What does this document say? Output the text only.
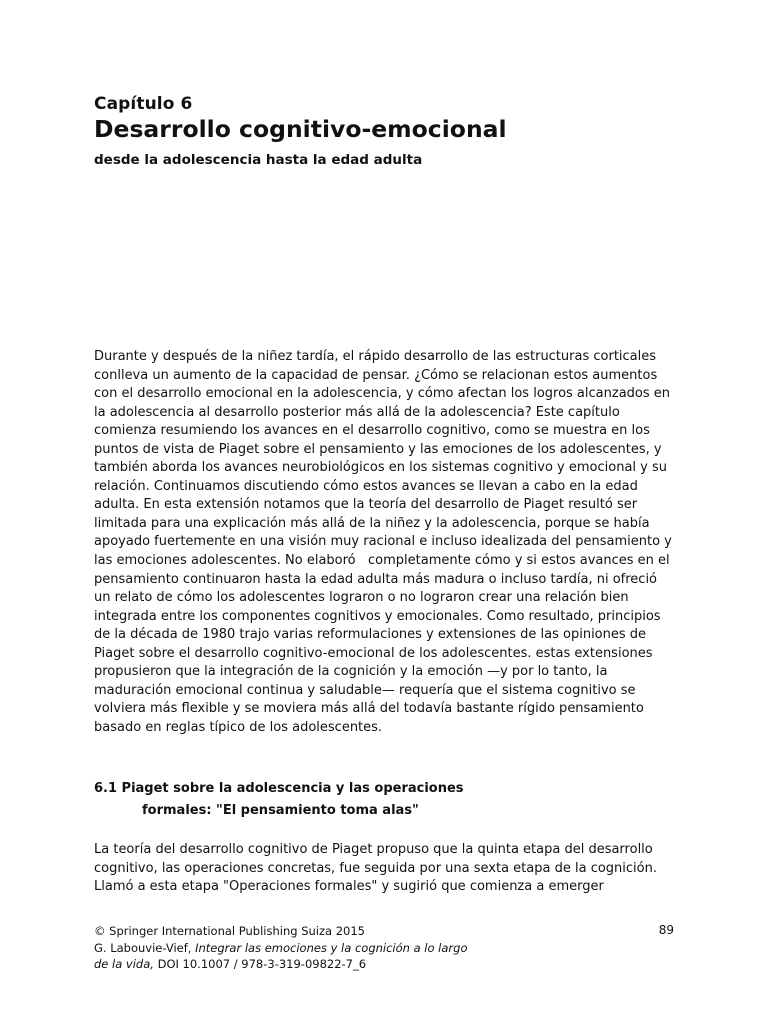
Capítulo 6
Desarrollo cognitivo-emocional
desde la adolescencia hasta la edad adulta
Durante y después de la niñez tardía, el rápido desarrollo de las estructuras corticales
conlleva un aumento de la capacidad de pensar. ¿Cómo se relacionan estos aumentos
con el desarrollo emocional en la adolescencia, y cómo afectan los logros alcanzados en
la adolescencia al desarrollo posterior más allá de la adolescencia? Este capítulo
comienza resumiendo los avances en el desarrollo cognitivo, como se muestra en los
puntos de vista de Piaget sobre el pensamiento y las emociones de los adolescentes, y
también aborda los avances neurobiológicos en los sistemas cognitivo y emocional y su
relación. Continuamos discutiendo cómo estos avances se llevan a cabo en la edad
adulta. En esta extensión notamos que la teoría del desarrollo de Piaget resultó ser
limitada para una explicación más allá de la niñez y la adolescencia, porque se había
apoyado fuertemente en una visión muy racional e incluso idealizada del pensamiento y
las emociones adolescentes. No elaboró   completamente cómo y si estos avances en el
pensamiento continuaron hasta la edad adulta más madura o incluso tardía, ni ofreció
un relato de cómo los adolescentes lograron o no lograron crear una relación bien
integrada entre los componentes cognitivos y emocionales. Como resultado, principios
de la década de 1980 trajo varias reformulaciones y extensiones de las opiniones de
Piaget sobre el desarrollo cognitivo-emocional de los adolescentes. estas extensiones
propusieron que la integración de la cognición y la emoción —y por lo tanto, la
maduración emocional continua y saludable— requería que el sistema cognitivo se
volviera más flexible y se moviera más allá del todavía bastante rígido pensamiento
basado en reglas típico de los adolescentes.
6.1 Piaget sobre la adolescencia y las operaciones
formales: "El pensamiento toma alas"
La teoría del desarrollo cognitivo de Piaget propuso que la quinta etapa del desarrollo
cognitivo, las operaciones concretas, fue seguida por una sexta etapa de la cognición.
Llamó a esta etapa "Operaciones formales" y sugirió que comienza a emerger
© Springer International Publishing Suiza 2015
G. Labouvie-Vief, Integrar las emociones y la cognición a lo largo
de la vida, DOI 10.1007 / 978-3-319-09822-7_6
89
